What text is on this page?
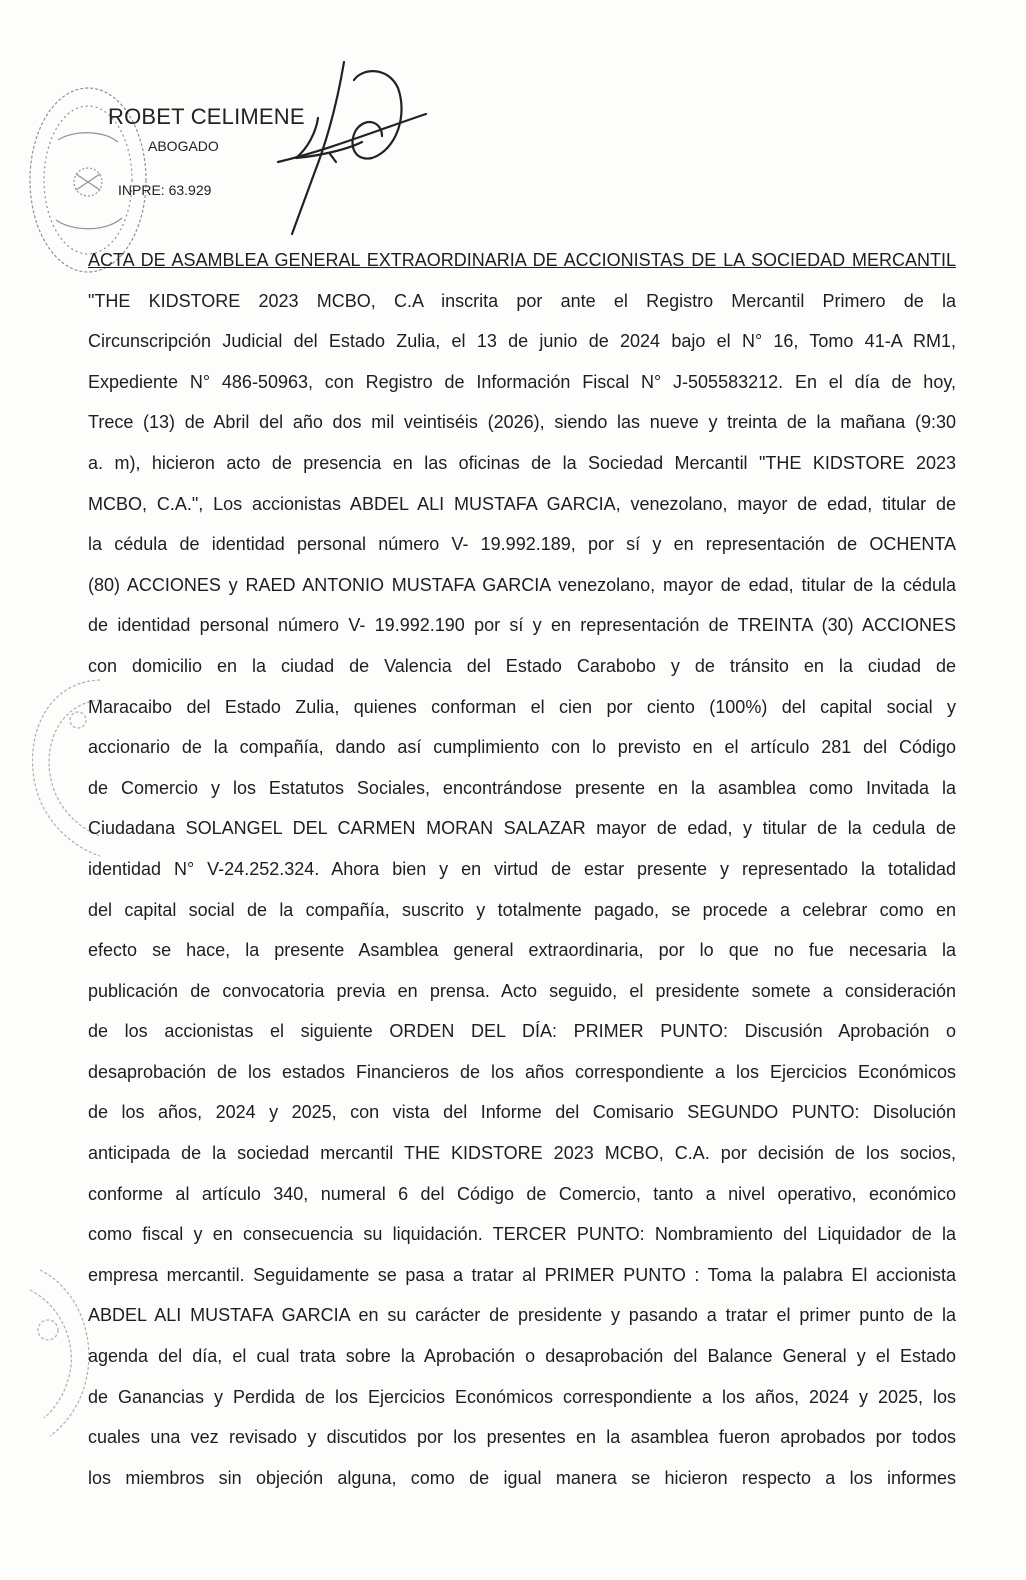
ROBET CELIMENE
ABOGADO
INPRE: 63.929
ACTA DE ASAMBLEA GENERAL EXTRAORDINARIA DE ACCIONISTAS DE LA SOCIEDAD MERCANTIL
"THE KIDSTORE 2023 MCBO, C.A inscrita por ante el Registro Mercantil Primero de la
Circunscripción Judicial del Estado Zulia, el 13 de junio de 2024 bajo el N° 16, Tomo 41-A RM1,
Expediente N° 486-50963, con Registro de Información Fiscal N° J-505583212. En el día de hoy,
Trece (13) de Abril del año dos mil veintiséis (2026), siendo las nueve y treinta de la mañana (9:30
a. m), hicieron acto de presencia en las oficinas de la Sociedad Mercantil "THE KIDSTORE 2023
MCBO, C.A.", Los accionistas ABDEL ALI MUSTAFA GARCIA, venezolano, mayor de edad, titular de
la cédula de identidad personal número V- 19.992.189, por sí y en representación de OCHENTA
(80) ACCIONES y RAED ANTONIO MUSTAFA GARCIA venezolano, mayor de edad, titular de la cédula
de identidad personal número V- 19.992.190 por sí y en representación de TREINTA (30) ACCIONES
con domicilio en la ciudad de Valencia del Estado Carabobo y de tránsito en la ciudad de
Maracaibo del Estado Zulia, quienes conforman el cien por ciento (100%) del capital social y
accionario de la compañía, dando así cumplimiento con lo previsto en el artículo 281 del Código
de Comercio y los Estatutos Sociales, encontrándose presente en la asamblea como Invitada la
Ciudadana SOLANGEL DEL CARMEN MORAN SALAZAR mayor de edad, y titular de la cedula de
identidad N° V-24.252.324. Ahora bien y en virtud de estar presente y representado la totalidad
del capital social de la compañía, suscrito y totalmente pagado, se procede a celebrar como en
efecto se hace, la presente Asamblea general extraordinaria, por lo que no fue necesaria la
publicación de convocatoria previa en prensa. Acto seguido, el presidente somete a consideración
de los accionistas el siguiente ORDEN DEL DÍA: PRIMER PUNTO: Discusión Aprobación o
desaprobación de los estados Financieros de los años correspondiente a los Ejercicios Económicos
de los años, 2024 y 2025, con vista del Informe del Comisario SEGUNDO PUNTO: Disolución
anticipada de la sociedad mercantil THE KIDSTORE 2023 MCBO, C.A. por decisión de los socios,
conforme al artículo 340, numeral 6 del Código de Comercio, tanto a nivel operativo, económico
como fiscal y en consecuencia su liquidación. TERCER PUNTO: Nombramiento del Liquidador de la
empresa mercantil. Seguidamente se pasa a tratar al PRIMER PUNTO : Toma la palabra El accionista
ABDEL ALI MUSTAFA GARCIA en su carácter de presidente y pasando a tratar el primer punto de la
agenda del día, el cual trata sobre la Aprobación o desaprobación del Balance General y el Estado
de Ganancias y Perdida de los Ejercicios Económicos correspondiente a los años, 2024 y 2025, los
cuales una vez revisado y discutidos por los presentes en la asamblea fueron aprobados por todos
los miembros sin objeción alguna, como de igual manera se hicieron respecto a los informes
